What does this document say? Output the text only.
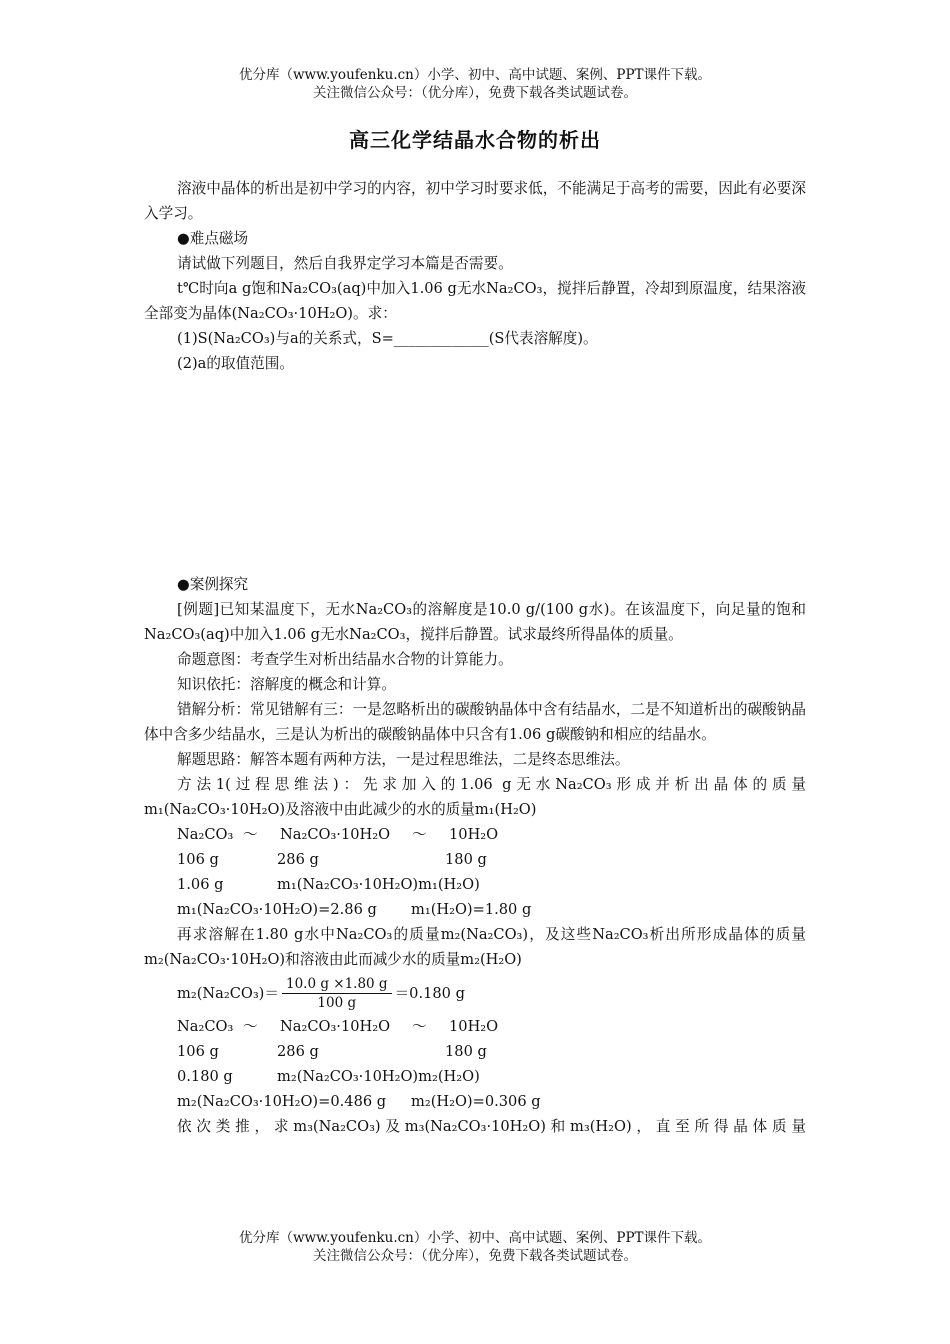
优分库（www.youfenku.cn）小学、初中、高中试题、案例、PPT课件下载。
关注微信公众号：（优分库），免费下载各类试题试卷。
高三化学结晶水合物的析出

溶液中晶体的析出是初中学习的内容，初中学习时要求低，不能满足于高考的需要，因此有必要深入学习。

●难点磁场

请试做下列题目，然后自我界定学习本篇是否需要。

t℃时向a g饱和Na₂CO₃(aq)中加入1.06 g无水Na₂CO₃，搅拌后静置，冷却到原温度，结果溶液全部变为晶体(Na₂CO₃·10H₂O)。求：

(1)S(Na₂CO₃)与a的关系式，S=_____________(S代表溶解度)。

(2)a的取值范围。

●案例探究

[例题]已知某温度下，无水Na₂CO₃的溶解度是10.0 g/(100 g水)。在该温度下，向足量的饱和Na₂CO₃(aq)中加入1.06 g无水Na₂CO₃，搅拌后静置。试求最终所得晶体的质量。

命题意图：考查学生对析出结晶水合物的计算能力。

知识依托：溶解度的概念和计算。

错解分析：常见错解有三：一是忽略析出的碳酸钠晶体中含有结晶水，二是不知道析出的碳酸钠晶体中含多少结晶水，三是认为析出的碳酸钠晶体中只含有1.06 g碳酸钠和相应的结晶水。

解题思路：解答本题有两种方法，一是过程思维法，二是终态思维法。

方法1(过程思维法)：先求加入的1.06 g无水Na₂CO₃形成并析出晶体的质量m₁(Na₂CO₃·10H₂O)及溶液中由此减少的水的质量m₁(H₂O)

Na₂CO₃ ～	Na₂CO₃·10H₂O	～	10H₂O
106 g	286 g	180 g
1.06 g	m₁(Na₂CO₃·10H₂O) m₁(H₂O)
m₁(Na₂CO₃·10H₂O)=2.86 g	m₁(H₂O)=1.80 g

再求溶解在1.80 g水中Na₂CO₃的质量m₂(Na₂CO₃)，及这些Na₂CO₃析出所形成晶体的质量m₂(Na₂CO₃·10H₂O)和溶液由此而减少水的质量m₂(H₂O)

$m_2(Na_2CO_3)= \frac{10.0 g \times 1.80 g}{100 g} =0.180$ g
Na₂CO₃ ～	Na₂CO₃·10H₂O	～	10H₂O
106 g	286 g	180 g
0.180 g	m₂(Na₂CO₃·10H₂O) m₂(H₂O)
m₂(Na₂CO₃·10H₂O)=0.486 g	m₂(H₂O)=0.306 g

依次类推，求m₃(Na₂CO₃)及m₃(Na₂CO₃·10H₂O)和m₃(H₂O)，直至所得晶体质量

优分库（www.youfenku.cn）小学、初中、高中试题、案例、PPT课件下载。
关注微信公众号：（优分库），免费下载各类试题试卷。
